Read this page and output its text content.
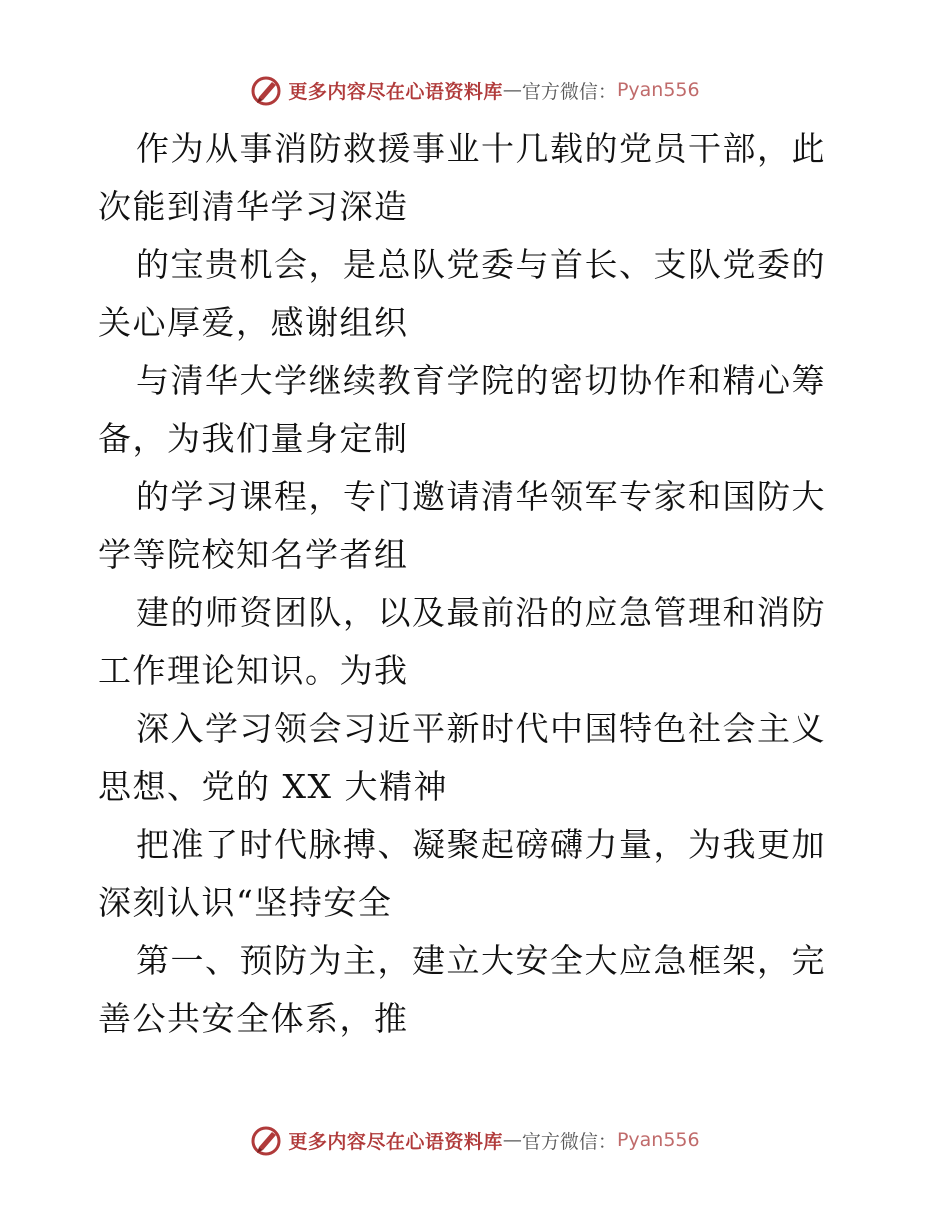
更多内容尽在心语资料库 — 官方微信： Pyan556

作为从事消防救援事业十几载的党员干部，此次能到清华学习深造

的宝贵机会，是总队党委与首长、支队党委的关心厚爱，感谢组织

与清华大学继续教育学院的密切协作和精心筹备，为我们量身定制

的学习课程，专门邀请清华领军专家和国防大学等院校知名学者组

建的师资团队，以及最前沿的应急管理和消防工作理论知识。为我

深入学习领会习近平新时代中国特色社会主义思想、党的 XX 大精神

把准了时代脉搏、凝聚起磅礴力量，为我更加深刻认识“坚持安全

第一、预防为主，建立大安全大应急框架，完善公共安全体系，推

更多内容尽在心语资料库 — 官方微信： Pyan556
